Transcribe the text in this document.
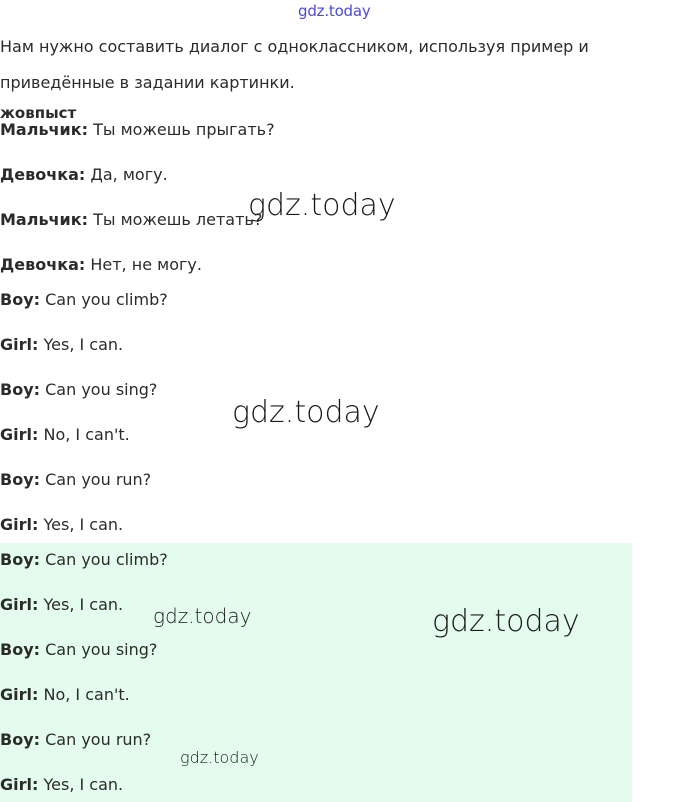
gdz.today
Нам нужно составить диалог с одноклассником, используя пример и приведённые в задании картинки.
жовпыст
Мальчик: Ты можешь прыгать?
Девочка: Да, могу.
Мальчик: Ты можешь летать?
Девочка: Нет, не могу.
Boy: Can you climb?
Girl: Yes, I can.
Boy: Can you sing?
Girl: No, I can't.
Boy: Can you run?
Girl: Yes, I can.
Boy: Can you climb?
Girl: Yes, I can.
Boy: Can you sing?
Girl: No, I can't.
Boy: Can you run?
Girl: Yes, I can.
gdz.today
gdz.today
gdz.today	gdz.today
gdz.today
